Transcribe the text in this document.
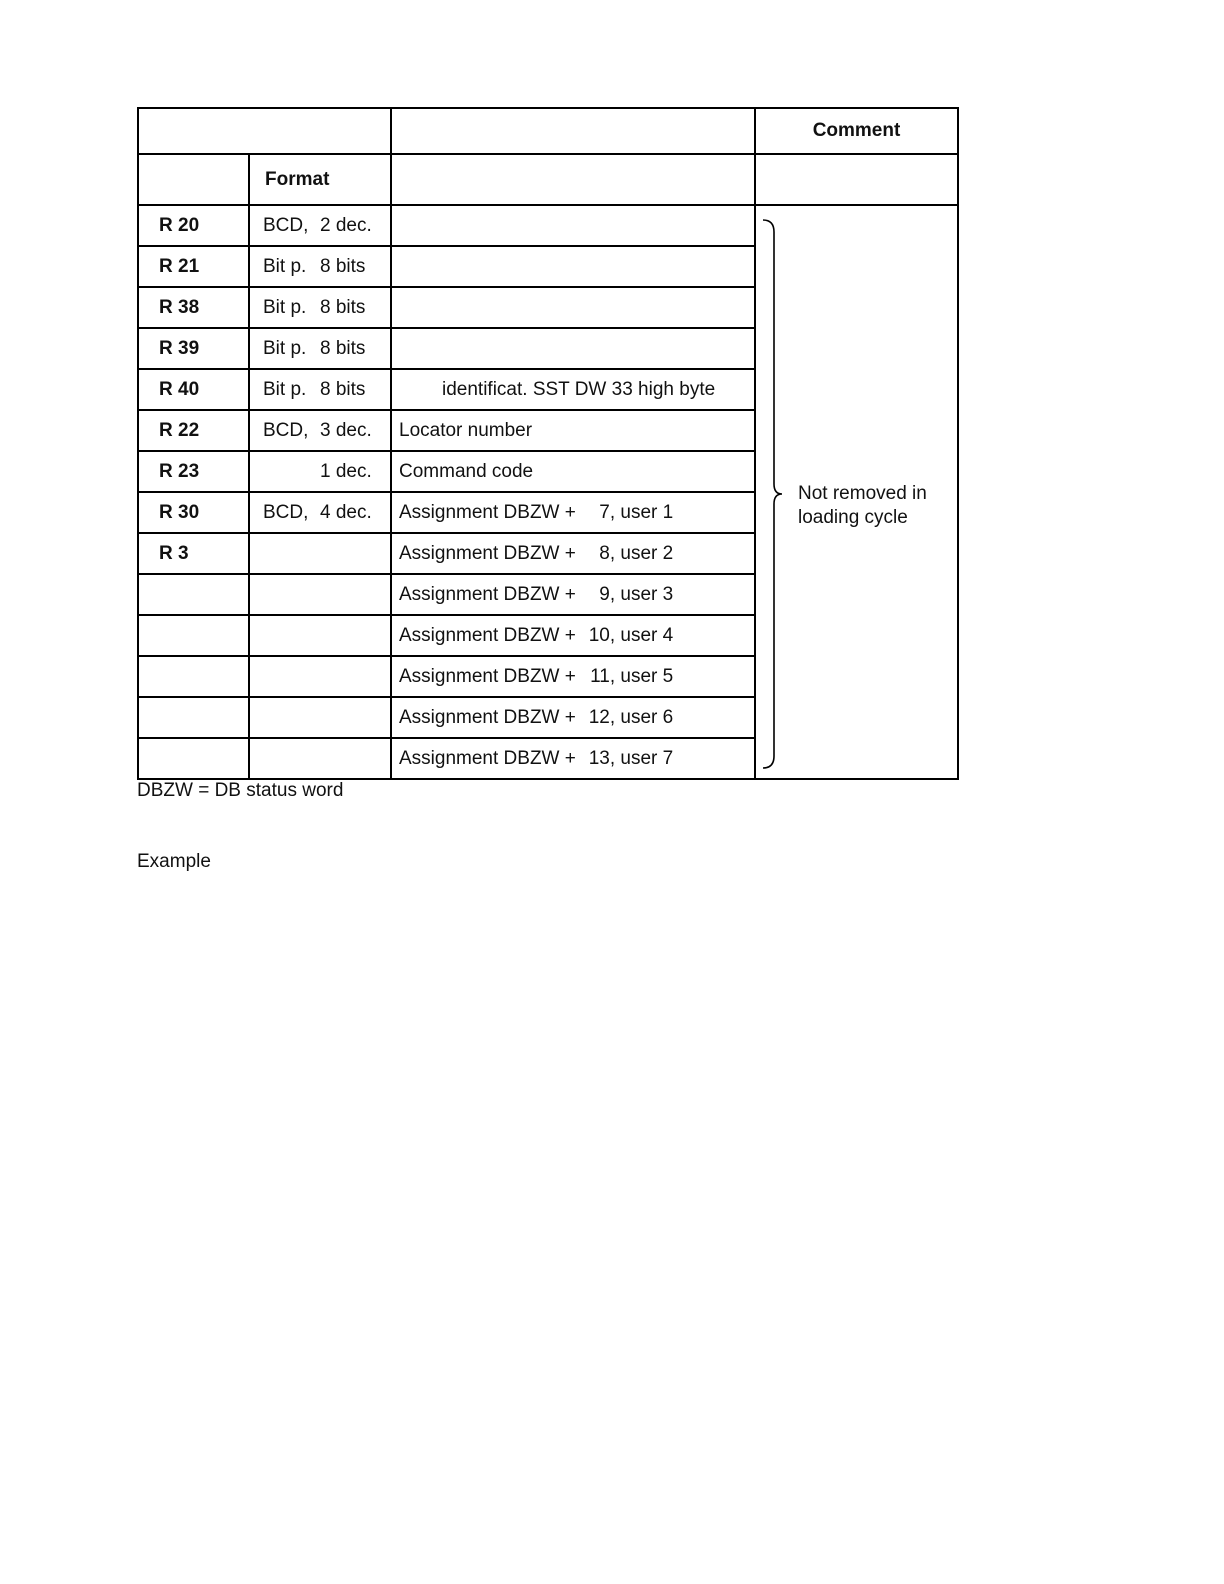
			Comment
	Format		
R 20	BCD, 2 dec.		Not removed in
loading cycle

R 21	Bit p. 8 bits		
R 38	Bit p. 8 bits		
R 39	Bit p. 8 bits		
R 40	Bit p. 8 bits	identificat. SST DW 33 high byte	
R 22	BCD, 3 dec.	Locator number	
R 23	1 dec.	Command code	
R 30	BCD, 4 dec.	Assignment DBZW + 7, user 1	
R 3		Assignment DBZW + 8, user 2	
		Assignment DBZW + 9, user 3	
		Assignment DBZW + 10, user 4	
		Assignment DBZW + 11, user 5	
		Assignment DBZW + 12, user 6	
		Assignment DBZW + 13, user 7	
DBZW = DB status word
Example
